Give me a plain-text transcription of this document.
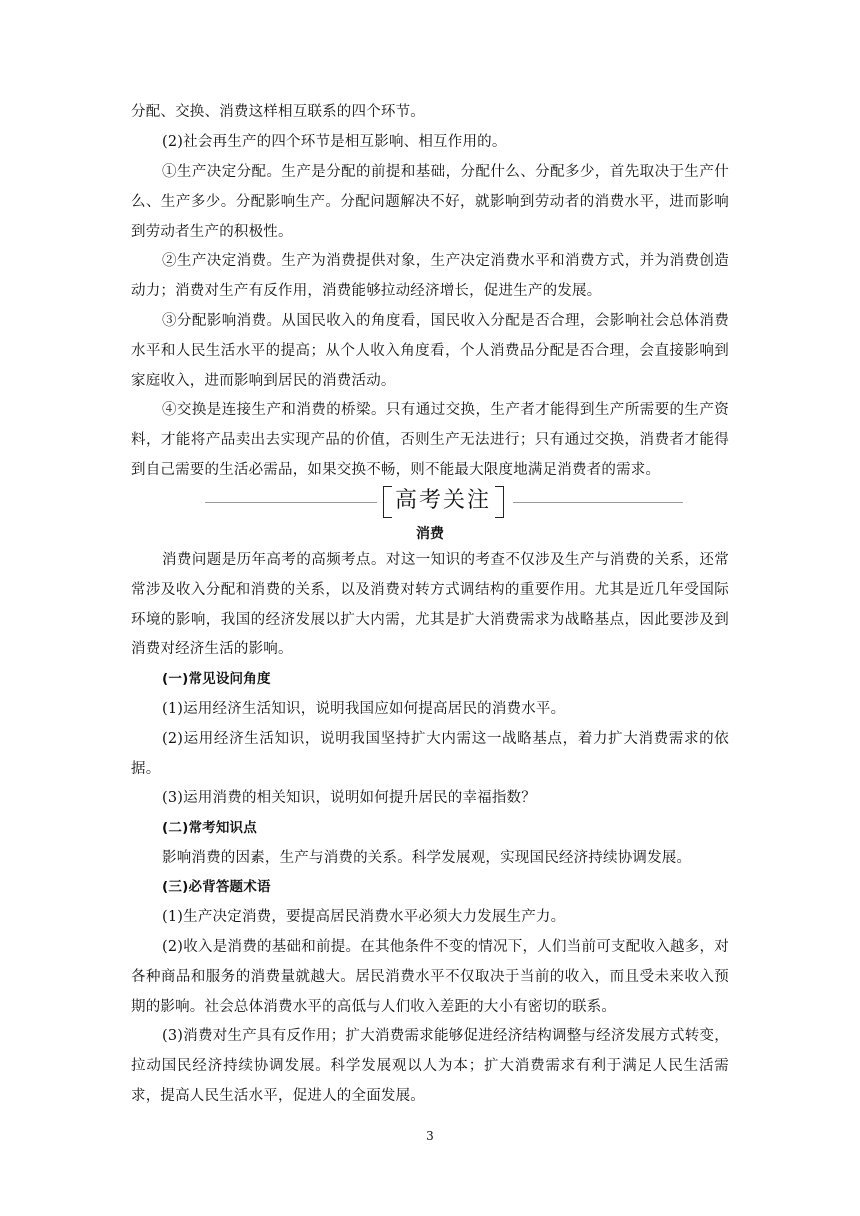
分配、交换、消费这样相互联系的四个环节。

(2)社会再生产的四个环节是相互影响、相互作用的。

①生产决定分配。生产是分配的前提和基础，分配什么、分配多少，首先取决于生产什么、生产多少。分配影响生产。分配问题解决不好，就影响到劳动者的消费水平，进而影响到劳动者生产的积极性。

②生产决定消费。生产为消费提供对象，生产决定消费水平和消费方式，并为消费创造动力；消费对生产有反作用，消费能够拉动经济增长，促进生产的发展。

③分配影响消费。从国民收入的角度看，国民收入分配是否合理，会影响社会总体消费水平和人民生活水平的提高；从个人收入角度看，个人消费品分配是否合理，会直接影响到家庭收入，进而影响到居民的消费活动。

④交换是连接生产和消费的桥梁。只有通过交换，生产者才能得到生产所需要的生产资料，才能将产品卖出去实现产品的价值，否则生产无法进行；只有通过交换，消费者才能得到自己需要的生活必需品，如果交换不畅，则不能最大限度地满足消费者的需求。

高考关注
消费

消费问题是历年高考的高频考点。对这一知识的考查不仅涉及生产与消费的关系，还常常涉及收入分配和消费的关系，以及消费对转方式调结构的重要作用。尤其是近几年受国际环境的影响，我国的经济发展以扩大内需，尤其是扩大消费需求为战略基点，因此要涉及到消费对经济生活的影响。

(一)常见设问角度

(1)运用经济生活知识，说明我国应如何提高居民的消费水平。

(2)运用经济生活知识，说明我国坚持扩大内需这一战略基点，着力扩大消费需求的依据。

(3)运用消费的相关知识，说明如何提升居民的幸福指数？

(二)常考知识点

影响消费的因素，生产与消费的关系。科学发展观，实现国民经济持续协调发展。

(三)必背答题术语

(1)生产决定消费，要提高居民消费水平必须大力发展生产力。

(2)收入是消费的基础和前提。在其他条件不变的情况下，人们当前可支配收入越多，对各种商品和服务的消费量就越大。居民消费水平不仅取决于当前的收入，而且受未来收入预期的影响。社会总体消费水平的高低与人们收入差距的大小有密切的联系。

(3)消费对生产具有反作用；扩大消费需求能够促进经济结构调整与经济发展方式转变，拉动国民经济持续协调发展。科学发展观以人为本；扩大消费需求有利于满足人民生活需求，提高人民生活水平，促进人的全面发展。

3
